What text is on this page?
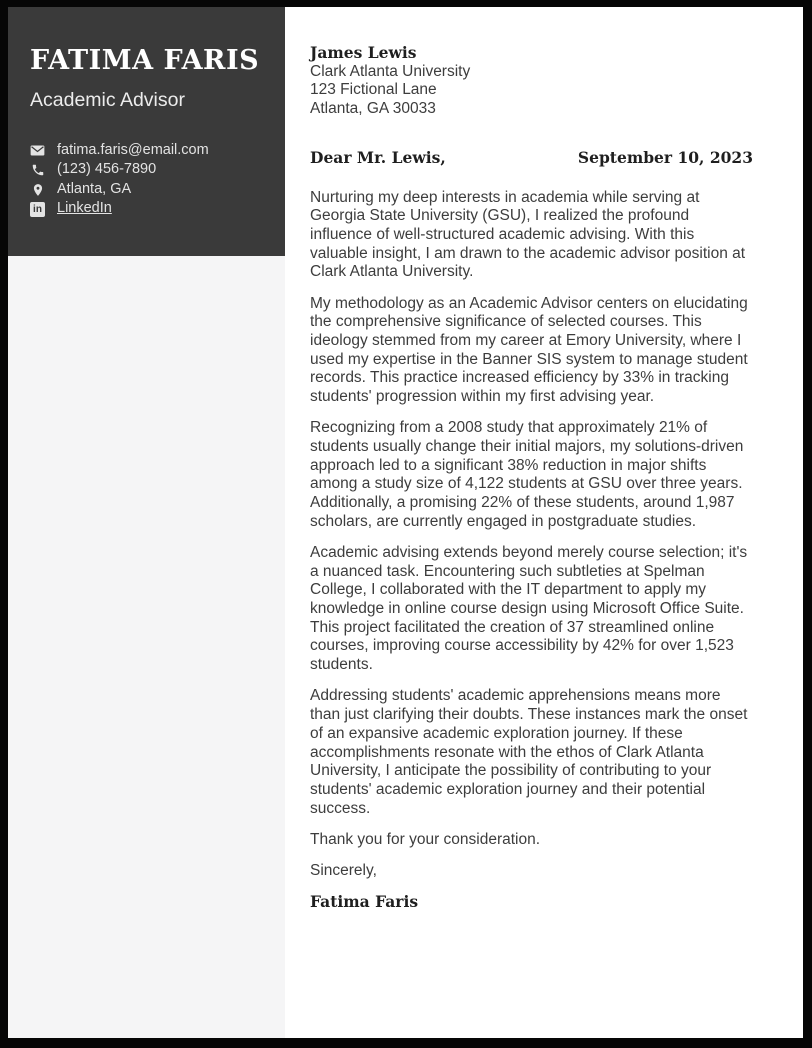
FATIMA FARIS
Academic Advisor
fatima.faris@email.com
(123) 456-7890
Atlanta, GA
in LinkedIn
James Lewis
Clark Atlanta University
123 Fictional Lane
Atlanta, GA 30033
Dear Mr. Lewis,	September 10, 2023

Nurturing my deep interests in academia while serving at Georgia State University (GSU), I realized the profound influence of well-structured academic advising. With this valuable insight, I am drawn to the academic advisor position at Clark Atlanta University.

My methodology as an Academic Advisor centers on elucidating the comprehensive significance of selected courses. This ideology stemmed from my career at Emory University, where I used my expertise in the Banner SIS system to manage student records. This practice increased efficiency by 33% in tracking students' progression within my first advising year.

Recognizing from a 2008 study that approximately 21% of students usually change their initial majors, my solutions-driven approach led to a significant 38% reduction in major shifts among a study size of 4,122 students at GSU over three years. Additionally, a promising 22% of these students, around 1,987 scholars, are currently engaged in postgraduate studies.

Academic advising extends beyond merely course selection; it's a nuanced task. Encountering such subtleties at Spelman College, I collaborated with the IT department to apply my knowledge in online course design using Microsoft Office Suite. This project facilitated the creation of 37 streamlined online courses, improving course accessibility by 42% for over 1,523 students.

Addressing students' academic apprehensions means more than just clarifying their doubts. These instances mark the onset of an expansive academic exploration journey. If these accomplishments resonate with the ethos of Clark Atlanta University, I anticipate the possibility of contributing to your students' academic exploration journey and their potential success.

Thank you for your consideration.

Sincerely,

Fatima Faris
